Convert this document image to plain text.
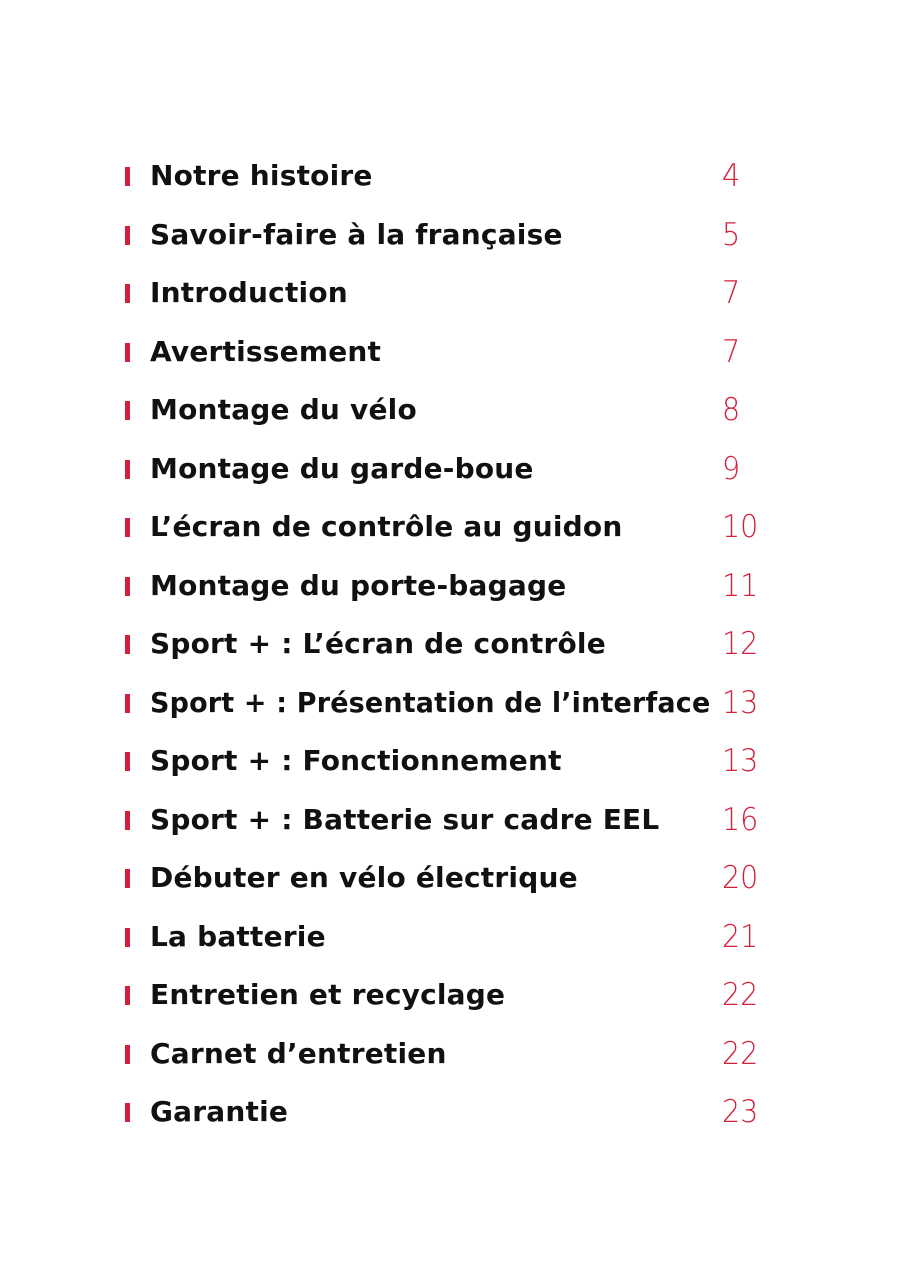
Notre histoire	4
Savoir-faire à la française	5
Introduction	7
Avertissement	7
Montage du vélo	8
Montage du garde-boue	9
L’écran de contrôle au guidon	10
Montage du porte-bagage	11
Sport + : L’écran de contrôle	12
Sport + : Présentation de l’interface 13
Sport + : Fonctionnement	13
Sport + : Batterie sur cadre EEL 16
Débuter en vélo électrique	20
La batterie	21
Entretien et recyclage	22
Carnet d’entretien	22
Garantie	23
